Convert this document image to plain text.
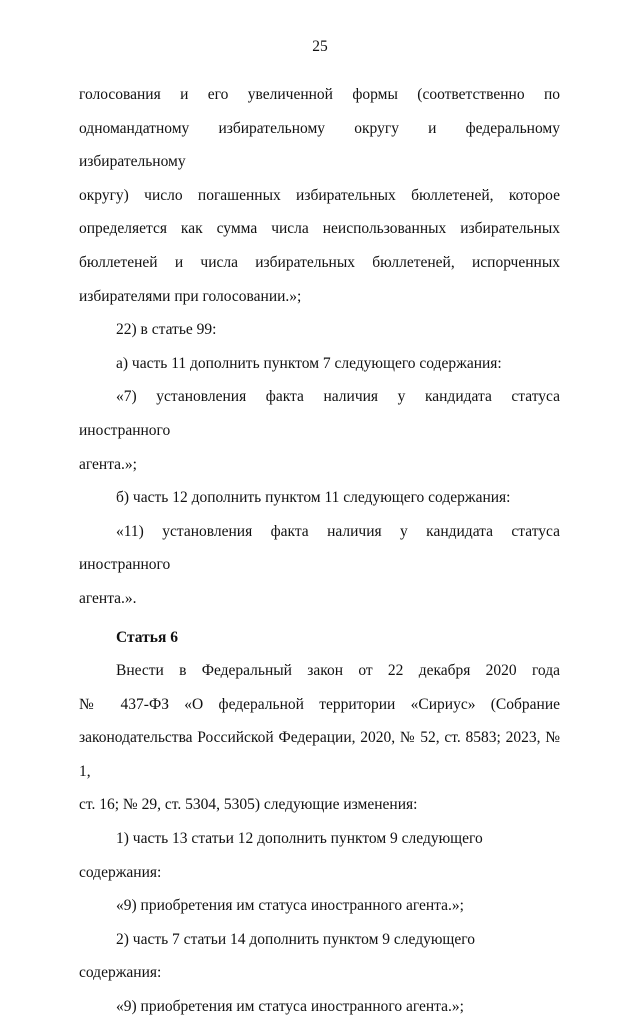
25

голосования и его увеличенной формы (соответственно по

одномандатному избирательному округу и федеральному избирательному

округу) число погашенных избирательных бюллетеней, которое

определяется как сумма числа неиспользованных избирательных

бюллетеней и числа избирательных бюллетеней, испорченных

избирателями при голосовании.»;

22) в статье 99:

а) часть 11 дополнить пунктом 7 следующего содержания:

«7) установления факта наличия у кандидата статуса иностранного

агента.»;

б) часть 12 дополнить пунктом 11 следующего содержания:

«11) установления факта наличия у кандидата статуса иностранного

агента.».

Статья 6

Внести в Федеральный закон от 22 декабря 2020 года

№ 437-ФЗ «О федеральной территории «Сириус» (Собрание

законодательства Российской Федерации, 2020, № 52, ст. 8583; 2023, № 1,

ст. 16; № 29, ст. 5304, 5305) следующие изменения:

1) часть 13 статьи 12 дополнить пунктом 9 следующего содержания:

«9) приобретения им статуса иностранного агента.»;

2) часть 7 статьи 14 дополнить пунктом 9 следующего содержания:

«9) приобретения им статуса иностранного агента.»;
